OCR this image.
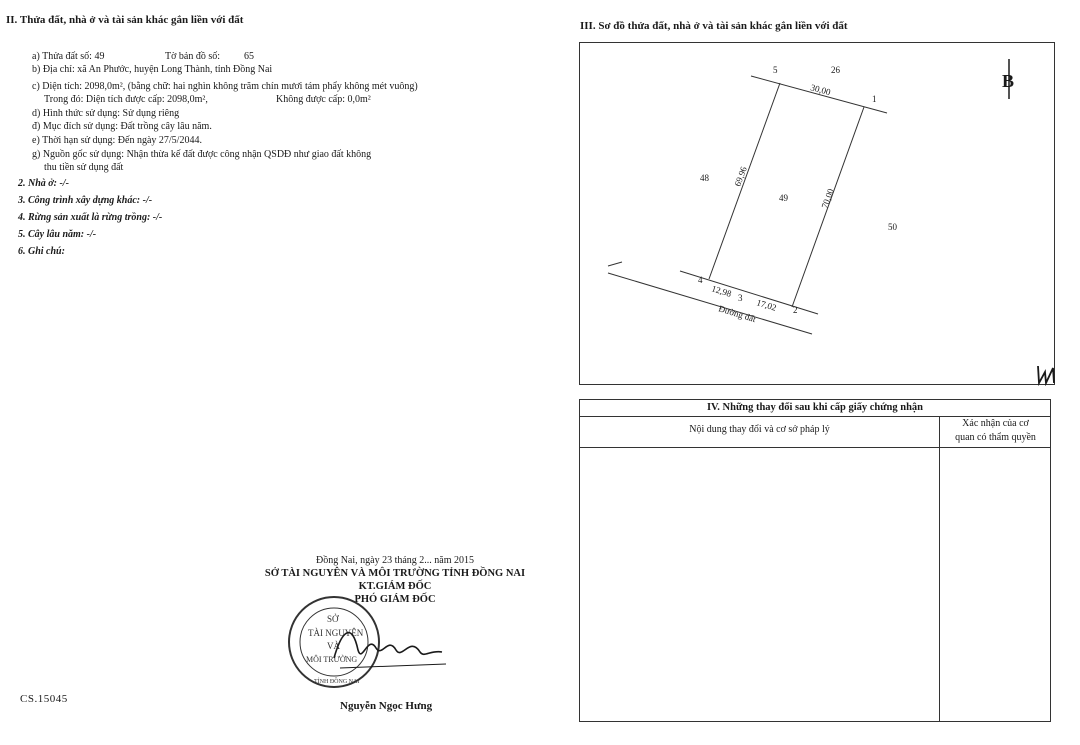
II. Thửa đất, nhà ở và tài sản khác gắn liền với đất
a) Thửa đất số: 49	Tờ bản đồ số: 65
b) Địa chỉ: xã An Phước, huyện Long Thành, tỉnh Đồng Nai
c) Diện tích: 2098,0m², (bằng chữ: hai nghìn không trăm chín mươi tám phẩy không mét vuông)
Trong đó: Diện tích được cấp: 2098,0m²,	Không được cấp: 0,0m²
d) Hình thức sử dụng: Sử dụng riêng
đ) Mục đích sử dụng: Đất trồng cây lâu năm.
e) Thời hạn sử dụng: Đến ngày 27/5/2044.
g) Nguồn gốc sử dụng: Nhận thừa kế đất được công nhận QSDĐ như giao đất không
thu tiền sử dụng đất
2. Nhà ở: -/-
3. Công trình xây dựng khác: -/-
4. Rừng sản xuất là rừng trồng: -/-
5. Cây lâu năm: -/-
6. Ghi chú:
III. Sơ đồ thửa đất, nhà ở và tài sản khác gắn liền với đất
5
1
4
3
2
26
48
49
50
30,00
69,96
70,00
12,98
17,02
Đường đất
B
IV. Những thay đổi sau khi cấp giấy chứng nhận
Nội dung thay đổi và cơ sở pháp lý
Xác nhận của cơ
quan có thẩm quyền
Đồng Nai, ngày 23 tháng 2... năm 2015
SỞ TÀI NGUYÊN VÀ MÔI TRƯỜNG TỈNH ĐỒNG NAI
KT.GIÁM ĐỐC
PHÓ GIÁM ĐỐC
SỞ
TÀI NGUYÊN
VÀ
MÔI TRƯỜNG
TỈNH ĐỒNG NAI
Nguyễn Ngọc Hưng
CS.15045
